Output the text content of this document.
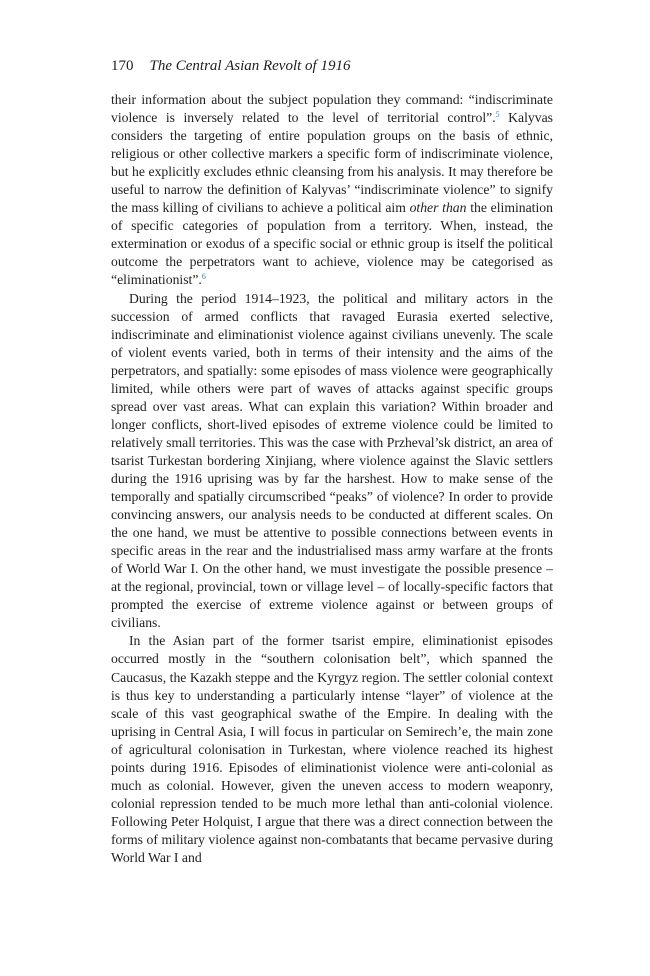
170 The Central Asian Revolt of 1916

their information about the subject population they command: “indiscriminate violence is inversely related to the level of territorial control”.$^5$ Kalyvas considers the targeting of entire population groups on the basis of ethnic, religious or other collective markers a specific form of indiscriminate violence, but he explicitly excludes ethnic cleansing from his analysis. It may therefore be useful to narrow the definition of Kalyvas’ “indiscriminate violence” to signify the mass killing of civilians to achieve a political aim other than the elimination of specific categories of population from a territory. When, instead, the extermination or exodus of a specific social or ethnic group is itself the political outcome the perpetrators want to achieve, violence may be categorised as “eliminationist”.$^6$

During the period 1914–1923, the political and military actors in the succession of armed conflicts that ravaged Eurasia exerted selective, indiscriminate and eliminationist violence against civilians unevenly. The scale of violent events varied, both in terms of their intensity and the aims of the perpetrators, and spatially: some episodes of mass violence were geographically limited, while others were part of waves of attacks against specific groups spread over vast areas. What can explain this variation? Within broader and longer conflicts, short-lived episodes of extreme violence could be limited to relatively small territories. This was the case with Przheval’sk district, an area of tsarist Turkestan bordering Xinjiang, where violence against the Slavic settlers during the 1916 uprising was by far the harshest. How to make sense of the temporally and spatially circumscribed “peaks” of violence? In order to provide convincing answers, our analysis needs to be conducted at different scales. On the one hand, we must be attentive to possible connections between events in specific areas in the rear and the industrialised mass army warfare at the fronts of World War I. On the other hand, we must investigate the possible presence – at the regional, provincial, town or village level – of locally-specific factors that prompted the exercise of extreme violence against or between groups of civilians.

In the Asian part of the former tsarist empire, eliminationist episodes occurred mostly in the “southern colonisation belt”, which spanned the Caucasus, the Kazakh steppe and the Kyrgyz region. The settler colonial context is thus key to understanding a particularly intense “layer” of violence at the scale of this vast geographical swathe of the Empire. In dealing with the uprising in Central Asia, I will focus in particular on Semirech’e, the main zone of agricultural colonisation in Turkestan, where violence reached its highest points during 1916. Episodes of eliminationist violence were anti-colonial as much as colonial. However, given the uneven access to modern weaponry, colonial repression tended to be much more lethal than anti-colonial violence. Following Peter Holquist, I argue that there was a direct connection between the forms of military violence against non-combatants that became pervasive during World War I and
